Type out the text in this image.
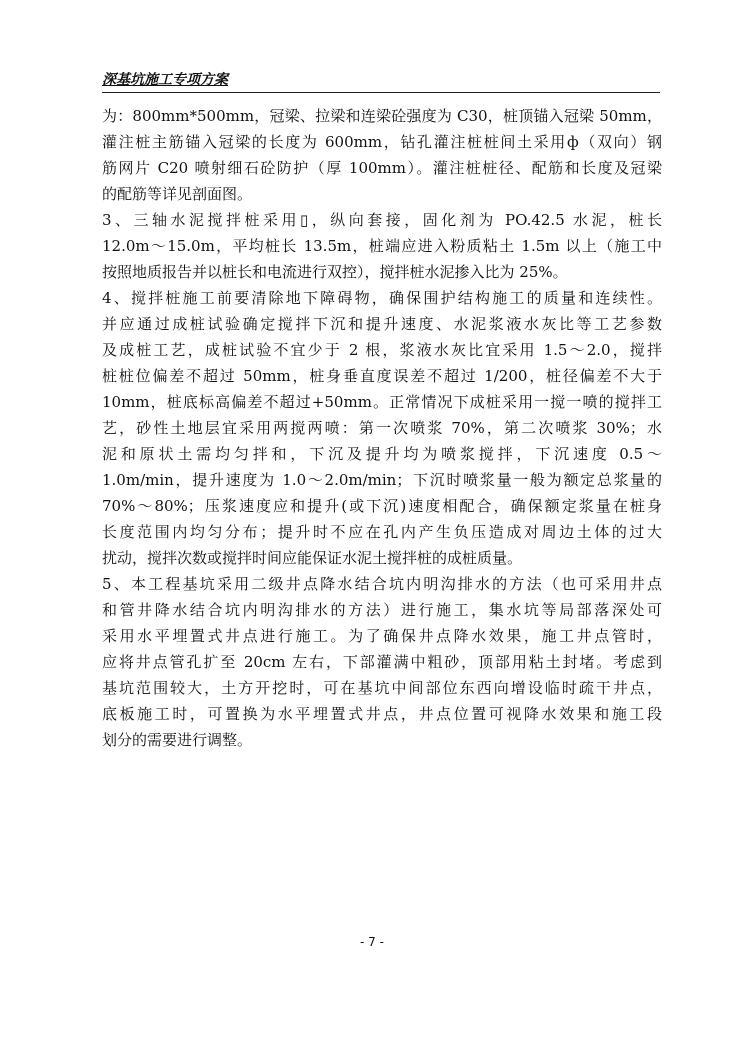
深基坑施工专项方案
为：800mm*500mm，冠梁、拉梁和连梁砼强度为 C30，桩顶锚入冠梁 50mm，
灌注桩主筋锚入冠梁的长度为 600mm，钻孔灌注桩桩间土采用ф（双向）钢
筋网片 C20 喷射细石砼防护（厚 100mm）。灌注桩桩径、配筋和长度及冠梁
的配筋等详见剖面图。
3、三轴水泥搅拌桩采用▯，纵向套接，固化剂为 PO.42.5 水泥，桩长
12.0m～15.0m，平均桩长 13.5m，桩端应进入粉质粘土 1.5m 以上（施工中
按照地质报告并以桩长和电流进行双控），搅拌桩水泥掺入比为 25%。
4、搅拌桩施工前要清除地下障碍物，确保围护结构施工的质量和连续性。
并应通过成桩试验确定搅拌下沉和提升速度、水泥浆液水灰比等工艺参数
及成桩工艺，成桩试验不宜少于 2 根，浆液水灰比宜采用 1.5～2.0，搅拌
桩桩位偏差不超过 50mm，桩身垂直度误差不超过 1/200，桩径偏差不大于
10mm，桩底标高偏差不超过+50mm。正常情况下成桩采用一搅一喷的搅拌工
艺，砂性土地层宜采用两搅两喷：第一次喷浆 70%，第二次喷浆 30%；水
泥和原状土需均匀拌和，下沉及提升均为喷浆搅拌，下沉速度 0.5～
1.0m/min，提升速度为 1.0～2.0m/min；下沉时喷浆量一般为额定总浆量的
70%～80%；压浆速度应和提升(或下沉)速度相配合，确保额定浆量在桩身
长度范围内均匀分布；提升时不应在孔内产生负压造成对周边土体的过大
扰动，搅拌次数或搅拌时间应能保证水泥土搅拌桩的成桩质量。
5、本工程基坑采用二级井点降水结合坑内明沟排水的方法（也可采用井点
和管井降水结合坑内明沟排水的方法）进行施工，集水坑等局部落深处可
采用水平埋置式井点进行施工。为了确保井点降水效果，施工井点管时，
应将井点管孔扩至 20cm 左右，下部灌满中粗砂，顶部用粘土封堵。考虑到
基坑范围较大，土方开挖时，可在基坑中间部位东西向增设临时疏干井点，
底板施工时，可置换为水平埋置式井点，井点位置可视降水效果和施工段
划分的需要进行调整。
- 7 -
